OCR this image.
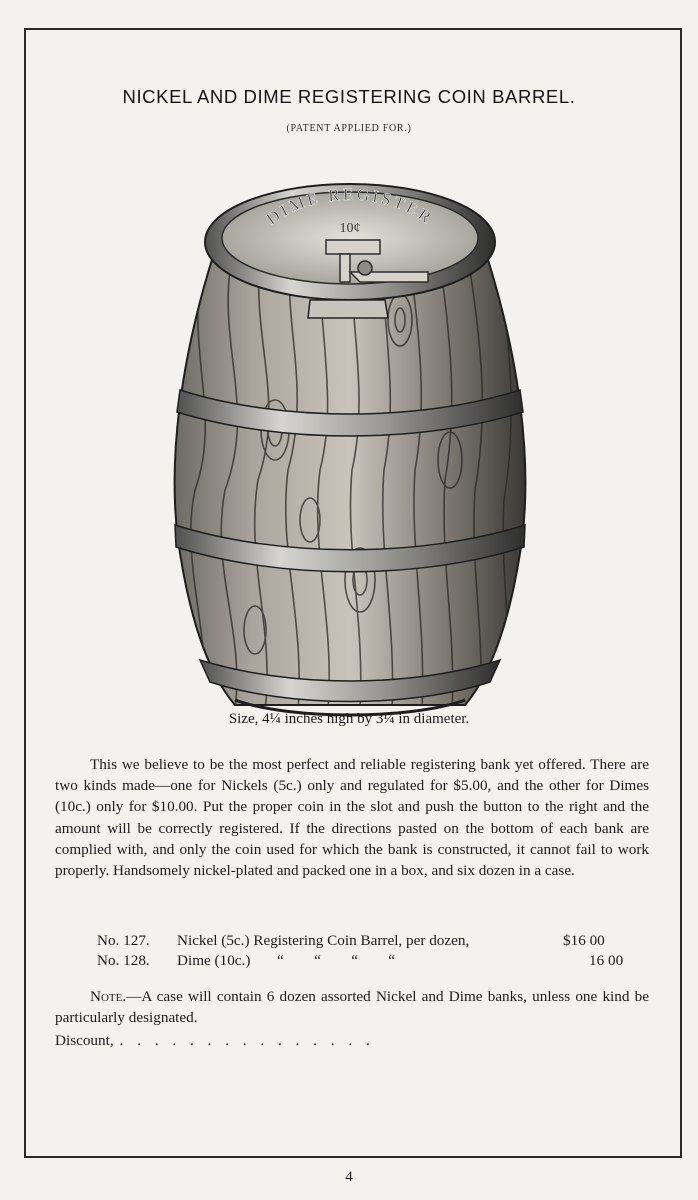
NICKEL AND DIME REGISTERING COIN BARREL.
(PATENT APPLIED FOR.)
DIME REGISTER
10¢
Size, 4¼ inches high by 3¼ in diameter.

This we believe to be the most perfect and reliable registering bank yet offered. There are two kinds made—one for Nickels (5c.) only and regulated for $5.00, and the other for Dimes (10c.) only for $10.00. Put the proper coin in the slot and push the button to the right and the amount will be correctly registered. If the directions pasted on the bottom of each bank are complied with, and only the coin used for which the bank is constructed, it cannot fail to work properly. Handsomely nickel-plated and packed one in a box, and six dozen in a case.

No. 127. Nickel (5c.) Registering Coin Barrel, per dozen,	$16 00
No. 128. Dime (10c.)       “        “        “        “	16 00

Note.—A case will contain 6 dozen assorted Nickel and Dime banks, unless one kind be particularly designated.

Discount, . . . . . . . . . . . . . . .
4
